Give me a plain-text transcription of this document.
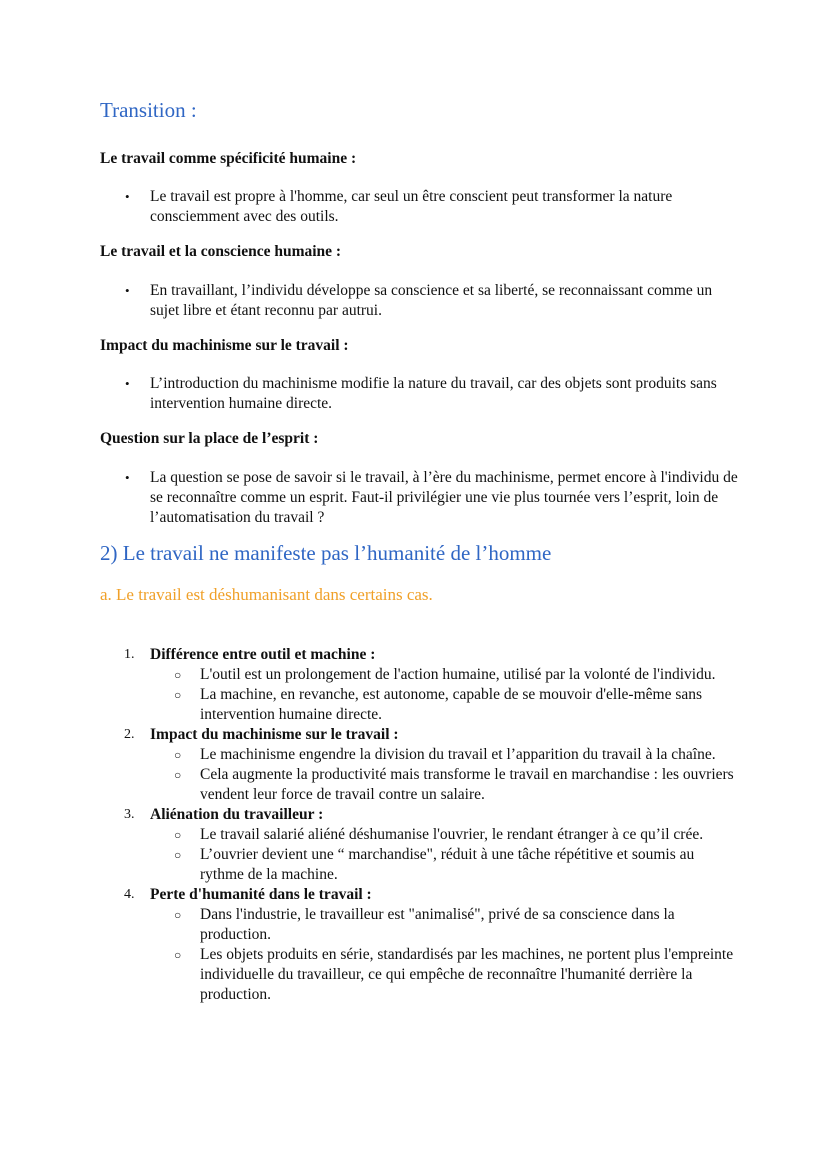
Transition :
Le travail comme spécificité humaine :
• Le travail est propre à l'homme, car seul un être conscient peut transformer la nature consciemment avec des outils.
Le travail et la conscience humaine :
• En travaillant, l’individu développe sa conscience et sa liberté, se reconnaissant comme un sujet libre et étant reconnu par autrui.
Impact du machinisme sur le travail :
• L’introduction du machinisme modifie la nature du travail, car des objets sont produits sans intervention humaine directe.
Question sur la place de l’esprit :
• La question se pose de savoir si le travail, à l’ère du machinisme, permet encore à l'individu de se reconnaître comme un esprit. Faut-il privilégier une vie plus tournée vers l’esprit, loin de l’automatisation du travail ?
2) Le travail ne manifeste pas l’humanité de l’homme
a. Le travail est déshumanisant dans certains cas.
1. Différence entre outil et machine :
○ L'outil est un prolongement de l'action humaine, utilisé par la volonté de l'individu.
○ La machine, en revanche, est autonome, capable de se mouvoir d'elle-même sans intervention humaine directe.
2. Impact du machinisme sur le travail :
○ Le machinisme engendre la division du travail et l’apparition du travail à la chaîne.
○ Cela augmente la productivité mais transforme le travail en marchandise : les ouvriers vendent leur force de travail contre un salaire.
3. Aliénation du travailleur :
○ Le travail salarié aliéné déshumanise l'ouvrier, le rendant étranger à ce qu’il crée.
○ L’ouvrier devient une “ marchandise", réduit à une tâche répétitive et soumis au rythme de la machine.
4. Perte d'humanité dans le travail :
○ Dans l'industrie, le travailleur est "animalisé", privé de sa conscience dans la production.
○ Les objets produits en série, standardisés par les machines, ne portent plus l'empreinte individuelle du travailleur, ce qui empêche de reconnaître l'humanité derrière la production.
